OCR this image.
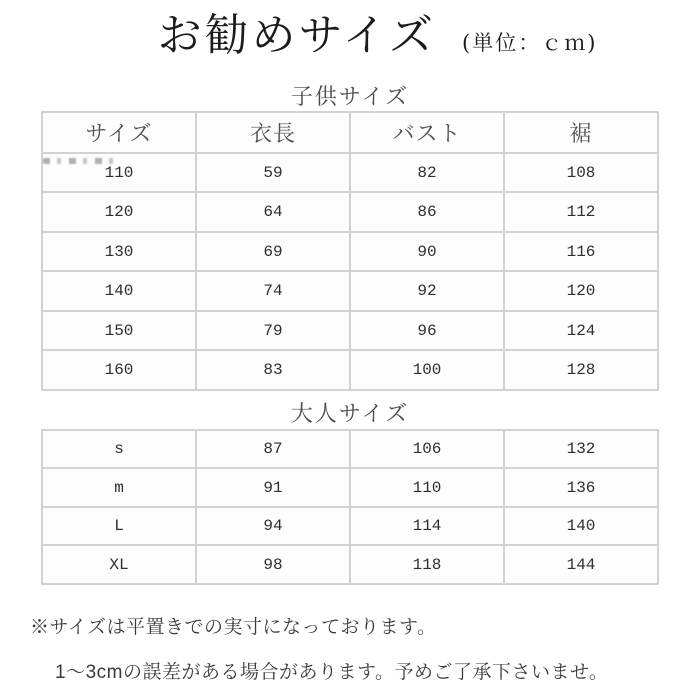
お勧めサイズ (単位：ｃｍ)
子供サイズ
サイズ	衣長	バスト	裾
110	59	82	108
120	64	86	112
130	69	90	116
140	74	92	120
150	79	96	124
160	83	100	128
大人サイズ
s	87	106	132
m	91	110	136
L	94	114	140
XL	98	118	144
※サイズは平置きでの実寸になっております。
1〜3cmの誤差がある場合があります。予めご了承下さいませ。
